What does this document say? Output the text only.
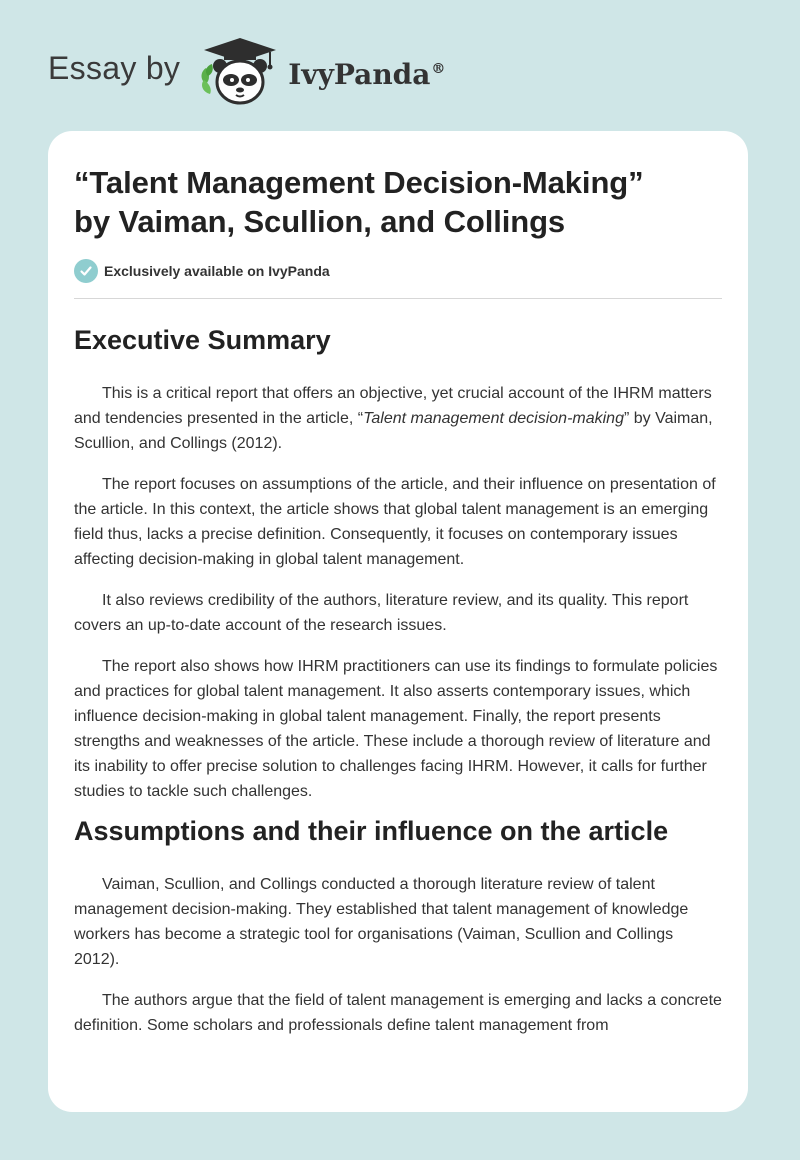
Essay by	IvyPanda®
“Talent Management Decision-Making”
by Vaiman, Scullion, and Collings
Exclusively available on IvyPanda
Executive Summary

This is a critical report that offers an objective, yet crucial account of the IHRM matters and tendencies presented in the article, “Talent management decision-making” by Vaiman, Scullion, and Collings (2012).

The report focuses on assumptions of the article, and their influence on presentation of the article. In this context, the article shows that global talent management is an emerging field thus, lacks a precise definition. Consequently, it focuses on contemporary issues affecting decision-making in global talent management.

It also reviews credibility of the authors, literature review, and its quality. This report covers an up-to-date account of the research issues.

The report also shows how IHRM practitioners can use its findings to formulate policies and practices for global talent management. It also asserts contemporary issues, which influence decision-making in global talent management. Finally, the report presents strengths and weaknesses of the article. These include a thorough review of literature and its inability to offer precise solution to challenges facing IHRM. However, it calls for further studies to tackle such challenges.

Assumptions and their influence on the article

Vaiman, Scullion, and Collings conducted a thorough literature review of talent management decision-making. They established that talent management of knowledge workers has become a strategic tool for organisations (Vaiman, Scullion and Collings 2012).

The authors argue that the field of talent management is emerging and lacks a concrete definition. Some scholars and professionals define talent management from
